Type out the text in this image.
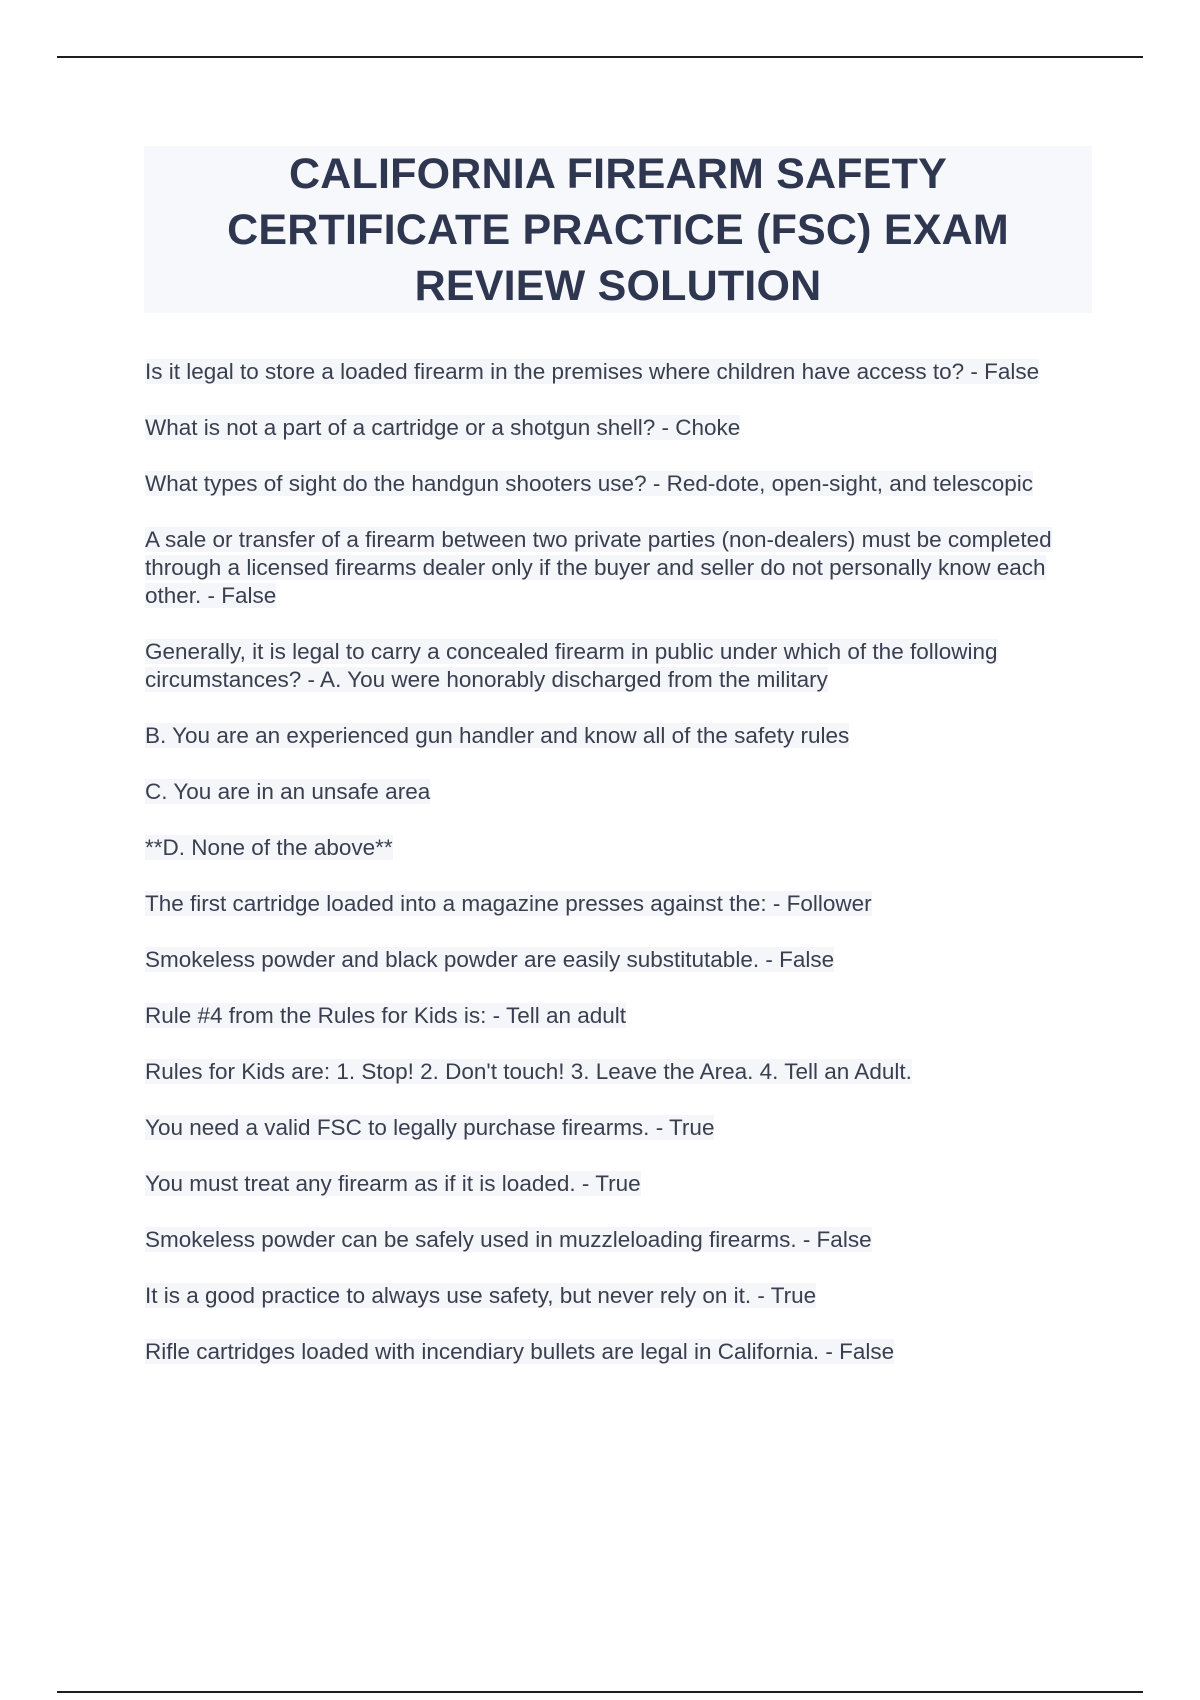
CALIFORNIA FIREARM SAFETY
CERTIFICATE PRACTICE (FSC) EXAM
REVIEW SOLUTION
Is it legal to store a loaded firearm in the premises where children have access to? - False
What is not a part of a cartridge or a shotgun shell? - Choke
What types of sight do the handgun shooters use? - Red-dote, open-sight, and telescopic
A sale or transfer of a firearm between two private parties (non-dealers) must be completed through a licensed firearms dealer only if the buyer and seller do not personally know each other. - False
Generally, it is legal to carry a concealed firearm in public under which of the following circumstances? - A. You were honorably discharged from the military
B. You are an experienced gun handler and know all of the safety rules
C. You are in an unsafe area
**D. None of the above**
The first cartridge loaded into a magazine presses against the: - Follower
Smokeless powder and black powder are easily substitutable. - False
Rule #4 from the Rules for Kids is: - Tell an adult
Rules for Kids are: 1. Stop! 2. Don't touch! 3. Leave the Area. 4. Tell an Adult.
You need a valid FSC to legally purchase firearms. - True
You must treat any firearm as if it is loaded. - True
Smokeless powder can be safely used in muzzleloading firearms. - False
It is a good practice to always use safety, but never rely on it. - True
Rifle cartridges loaded with incendiary bullets are legal in California. - False
